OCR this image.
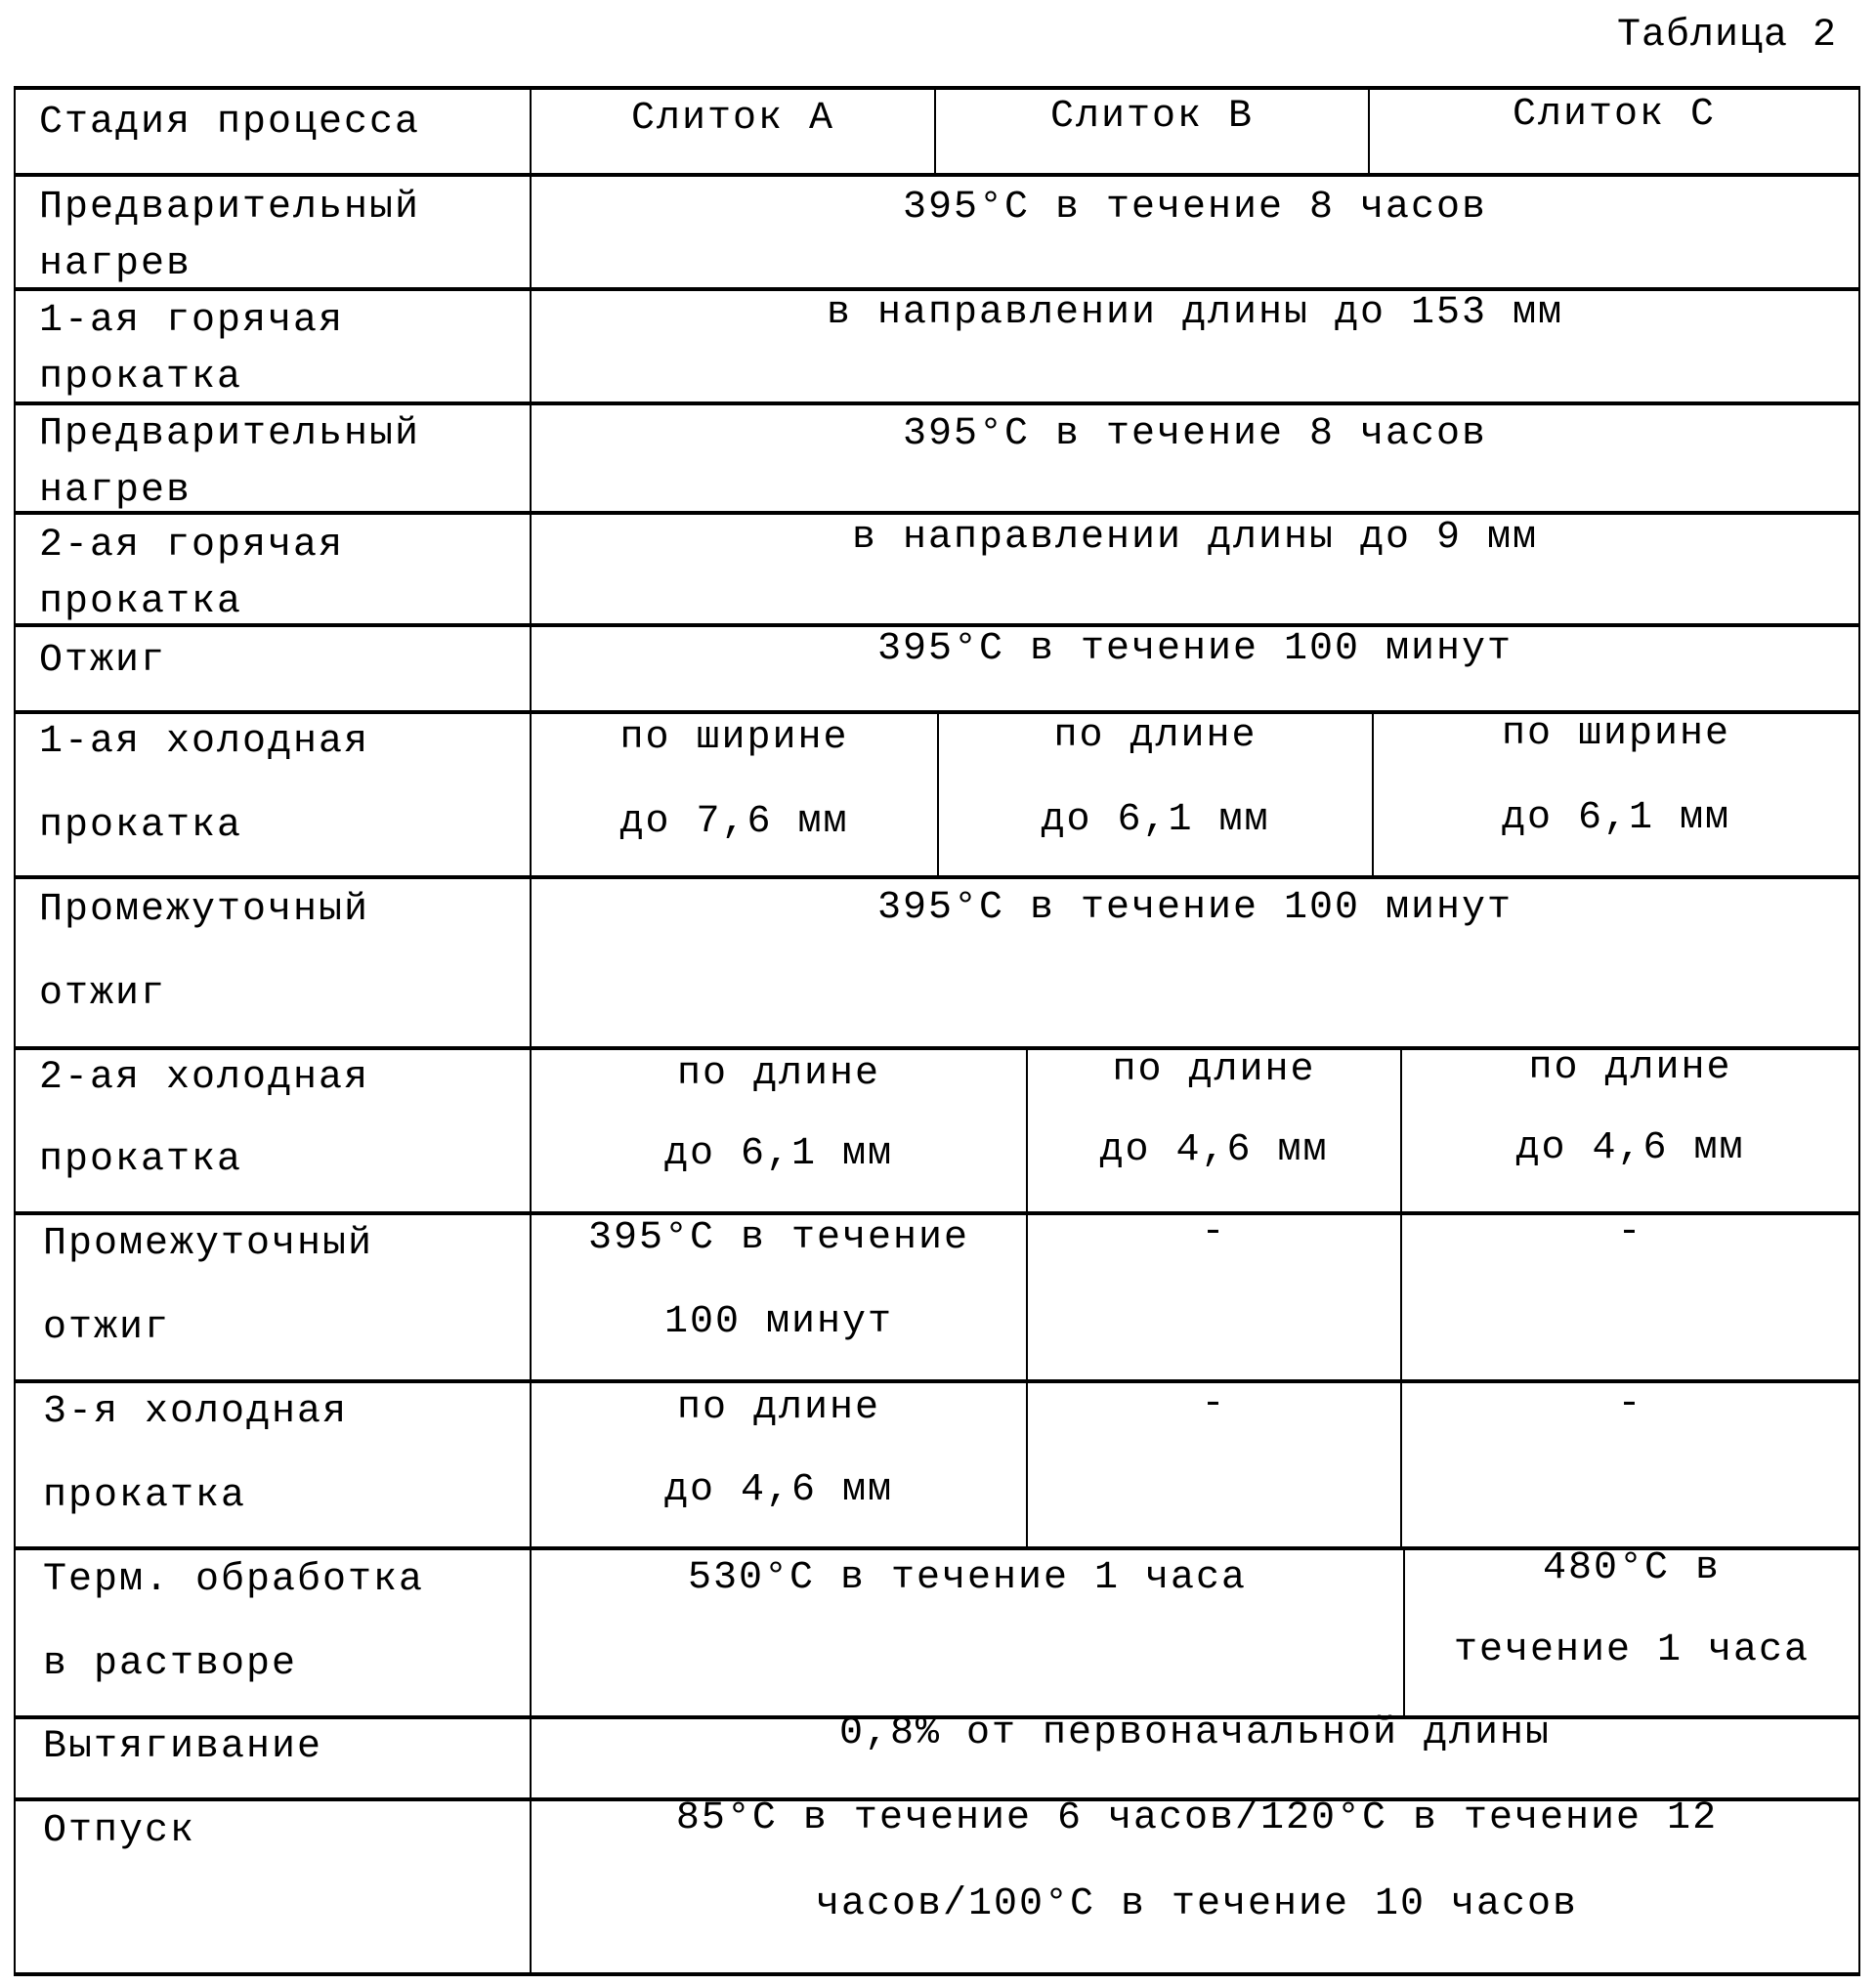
Таблица 2
Стадия процесса	Слиток A	Слиток B	Слиток C
Предварительный
нагрев
395°C в течение 8 часов
1-ая горячая
прокатка
в направлении длины до 153 мм
Предварительный
нагрев
395°C в течение 8 часов
2-ая горячая
прокатка
в направлении длины до 9 мм
Отжиг	395°C в течение 100 минут
1-ая холодная
прокатка
по ширине
до 7,6 мм
по длине
до 6,1 мм
по ширине
до 6,1 мм
Промежуточный
отжиг
395°C в течение 100 минут
2-ая холодная
прокатка
по длине
до 6,1 мм
по длине
до 4,6 мм
по длине
до 4,6 мм
Промежуточный
отжиг
395°C в течение
100 минут
-	-
3-я холодная
прокатка
по длине
до 4,6 мм
-	-
Терм. обработка
в растворе
530°C в течение 1 часа	480°C в
течение 1 часа
Вытягивание	0,8% от первоначальной длины
Отпуск	85°C в течение 6 часов/120°C в течение 12
часов/100°C в течение 10 часов
